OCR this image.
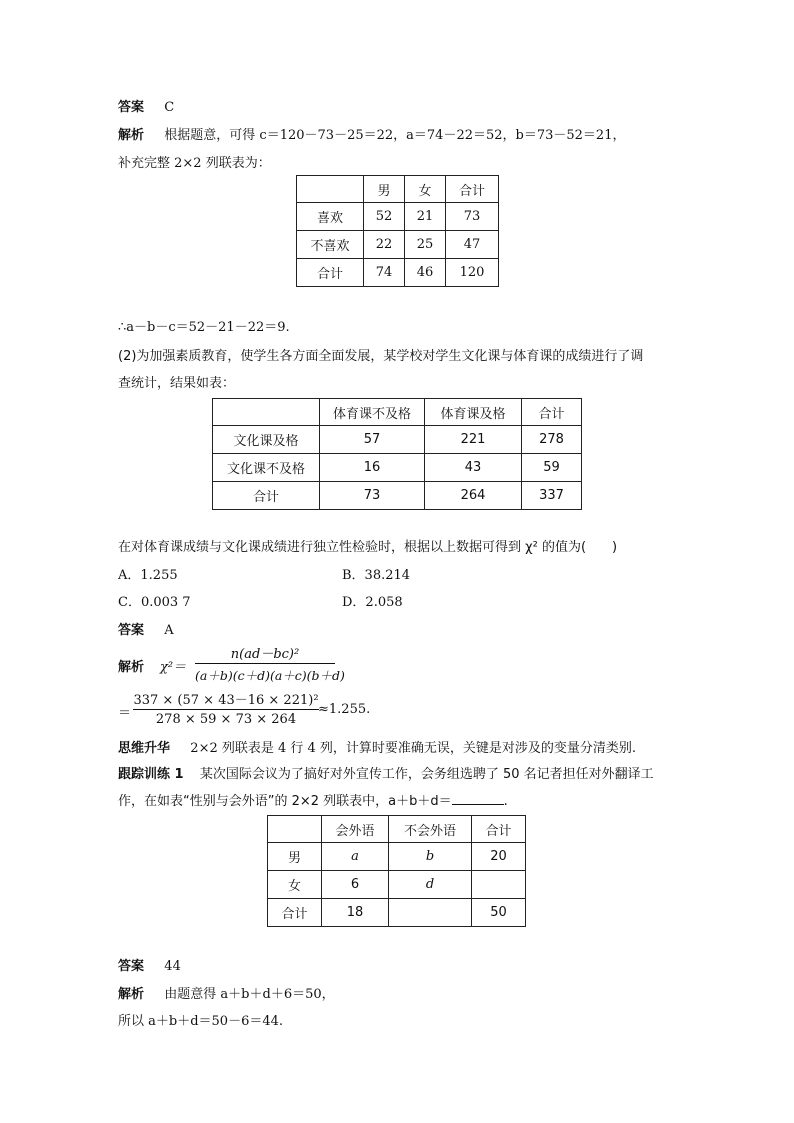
答案 C
解析 根据题意，可得 c＝120－73－25＝22，a＝74－22＝52，b＝73－52＝21，
补充完整 2×2 列联表为：
	男	女	合计
喜欢	52	21	73
不喜欢	22	25	47
合计	74	46	120
∴a－b－c＝52－21－22＝9.
(2)为加强素质教育，使学生各方面全面发展，某学校对学生文化课与体育课的成绩进行了调
查统计，结果如表：
	体育课不及格	体育课及格	合计
文化课及格	57	221	278
文化课不及格	16	43	59
合计	73	264	337
在对体育课成绩与文化课成绩进行独立性检验时，根据以上数据可得到 χ² 的值为(　　)
A．1.255	B．38.214
C．0.003 7	D．2.058
答案 A
解析 χ²＝
n(ad－bc)²
(a＋b)(c＋d)(a＋c)(b＋d)
＝
337 × (57 × 43－16 × 221)²
278 × 59 × 73 × 264
≈1.255.
思维升华 2×2 列联表是 4 行 4 列，计算时要准确无误，关键是对涉及的变量分清类别.
跟踪训练 1 某次国际会议为了搞好对外宣传工作，会务组选聘了 50 名记者担任对外翻译工
作，在如表“性别与会外语”的 2×2 列联表中，a＋b＋d＝	.
	会外语	不会外语	合计
男	a	b	20
女	6	d	
合计	18		50
答案 44
解析 由题意得 a＋b＋d＋6＝50，
所以 a＋b＋d＝50－6＝44.
